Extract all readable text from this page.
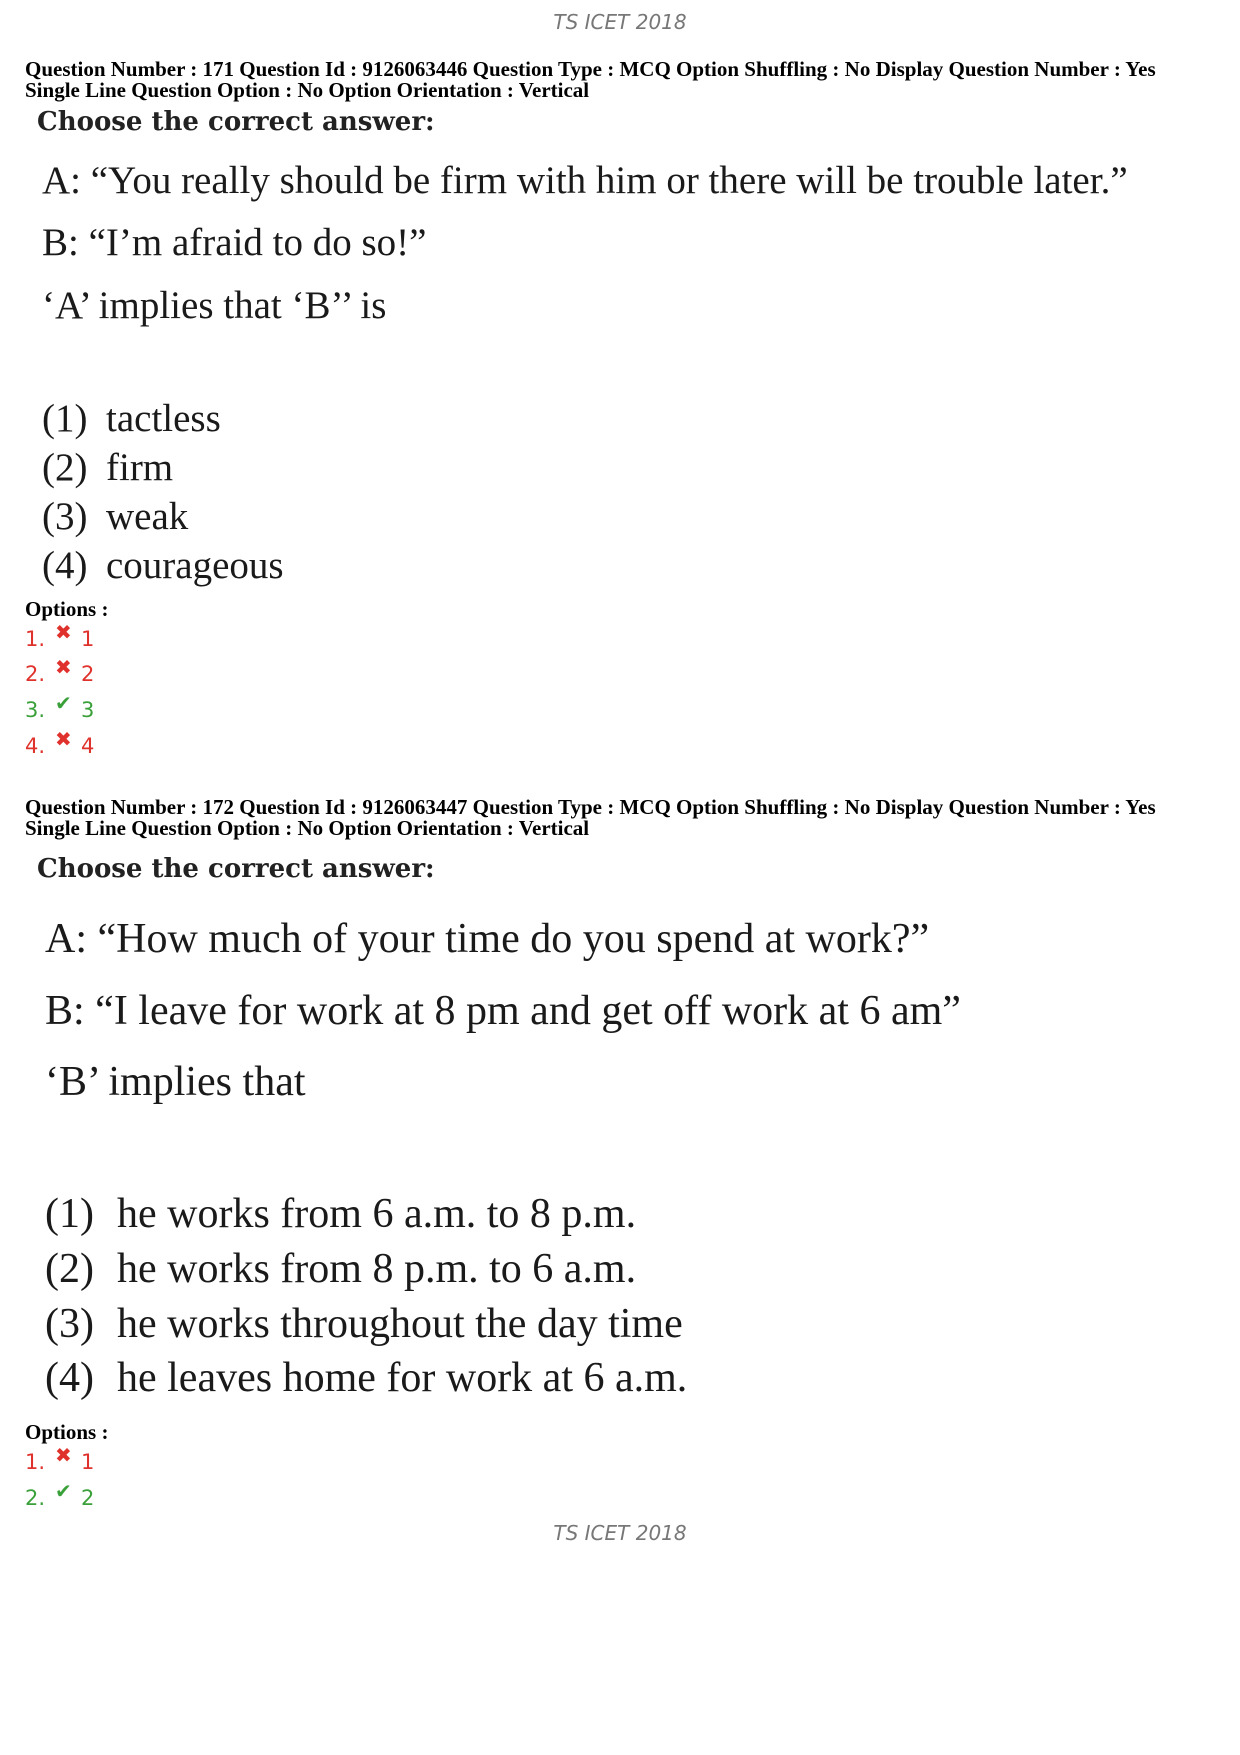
TS ICET 2018
Question Number : 171 Question Id : 9126063446 Question Type : MCQ Option Shuffling : No Display Question Number : Yes
Single Line Question Option : No Option Orientation : Vertical
Choose the correct answer:
A: “You really should be firm with him or there will be trouble later.”
B: “I’m afraid to do so!”
‘A’ implies that ‘B’’ is
(1) tactless
(2) firm
(3) weak
(4) courageous
Options :
1. ✖ 1
2. ✖ 2
3. ✔ 3
4. ✖ 4
Question Number : 172 Question Id : 9126063447 Question Type : MCQ Option Shuffling : No Display Question Number : Yes
Single Line Question Option : No Option Orientation : Vertical
Choose the correct answer:
A: “How much of your time do you spend at work?”
B: “I leave for work at 8 pm and get off work at 6 am”
‘B’ implies that
(1) he works from 6 a.m. to 8 p.m.
(2) he works from 8 p.m. to 6 a.m.
(3) he works throughout the day time
(4) he leaves home for work at 6 a.m.
Options :
1. ✖ 1
2. ✔ 2
TS ICET 2018
